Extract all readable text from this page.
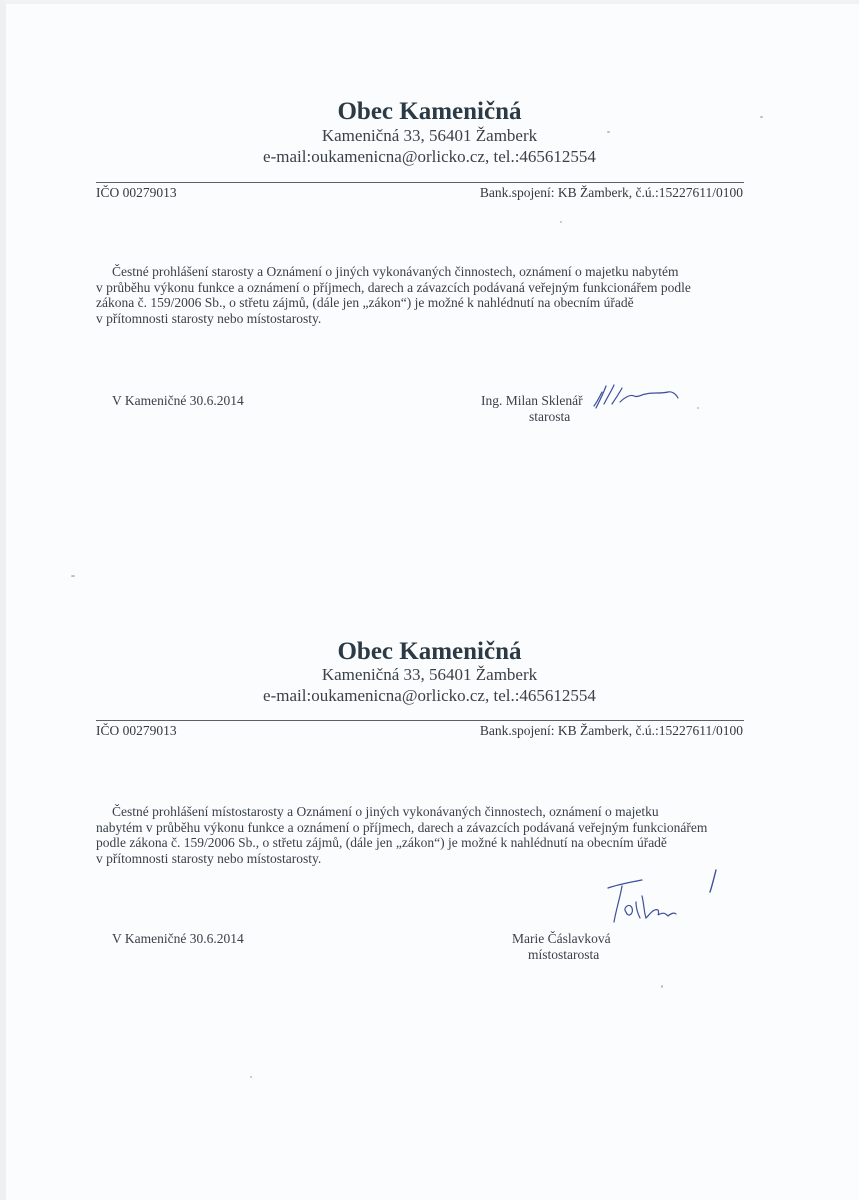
Obec Kameničná
Kameničná 33, 56401 Žamberk
e-mail:oukamenicna@orlicko.cz, tel.:465612554
IČO 00279013	Bank.spojení: KB Žamberk, č.ú.:15227611/0100
Čestné prohlášení starosty a Oznámení o jiných vykonávaných činnostech, oznámení o majetku nabytém
v průběhu výkonu funkce a oznámení o příjmech, darech a závazcích podávaná veřejným funkcionářem podle
zákona č. 159/2006 Sb., o střetu zájmů, (dále jen „zákon“) je možné k nahlédnutí na obecním úřadě
v přítomnosti starosty nebo místostarosty.
V Kameničné 30.6.2014	Ing. Milan Sklenář
starosta
Obec Kameničná
Kameničná 33, 56401 Žamberk
e-mail:oukamenicna@orlicko.cz, tel.:465612554
IČO 00279013	Bank.spojení: KB Žamberk, č.ú.:15227611/0100
Čestné prohlášení místostarosty a Oznámení o jiných vykonávaných činnostech, oznámení o majetku
nabytém v průběhu výkonu funkce a oznámení o příjmech, darech a závazcích podávaná veřejným funkcionářem
podle zákona č. 159/2006 Sb., o střetu zájmů, (dále jen „zákon“) je možné k nahlédnutí na obecním úřadě
v přítomnosti starosty nebo místostarosty.
V Kameničné 30.6.2014	Marie Čáslavková
místostarosta
